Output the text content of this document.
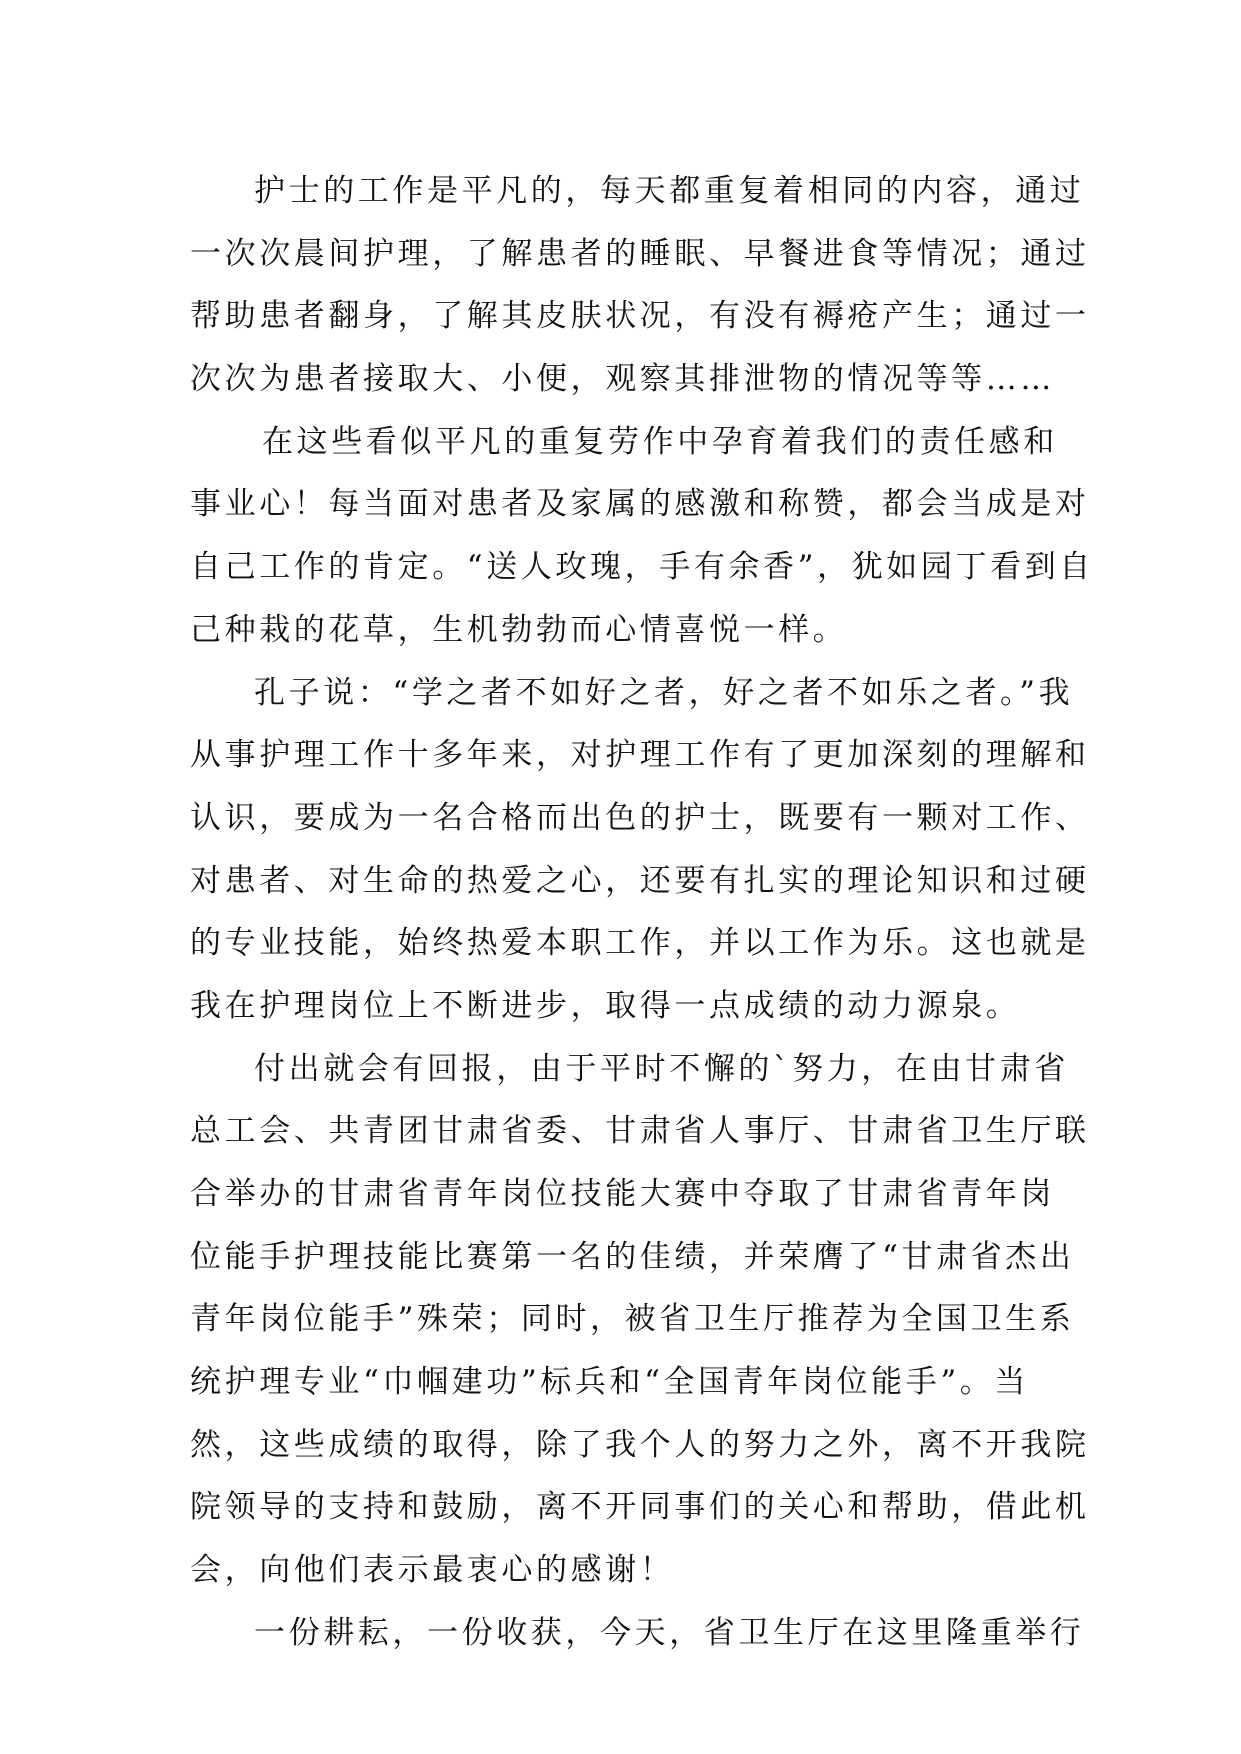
护士的工作是平凡的，每天都重复着相同的内容，通过
一次次晨间护理，了解患者的睡眠、早餐进食等情况；通过
帮助患者翻身，了解其皮肤状况，有没有褥疮产生；通过一
次次为患者接取大、小便，观察其排泄物的情况等等……
在这些看似平凡的重复劳作中孕育着我们的责任感和
事业心！每当面对患者及家属的感激和称赞，都会当成是对
自己工作的肯定。“送人玫瑰，手有余香”，犹如园丁看到自
己种栽的花草，生机勃勃而心情喜悦一样。
孔子说：“学之者不如好之者，好之者不如乐之者。”我
从事护理工作十多年来，对护理工作有了更加深刻的理解和
认识，要成为一名合格而出色的护士，既要有一颗对工作、
对患者、对生命的热爱之心，还要有扎实的理论知识和过硬
的专业技能，始终热爱本职工作，并以工作为乐。这也就是
我在护理岗位上不断进步，取得一点成绩的动力源泉。
付出就会有回报，由于平时不懈的`努力，在由甘肃省
总工会、共青团甘肃省委、甘肃省人事厅、甘肃省卫生厅联
合举办的甘肃省青年岗位技能大赛中夺取了甘肃省青年岗
位能手护理技能比赛第一名的佳绩，并荣膺了“甘肃省杰出
青年岗位能手”殊荣；同时，被省卫生厅推荐为全国卫生系
统护理专业“巾帼建功”标兵和“全国青年岗位能手”。当
然，这些成绩的取得，除了我个人的努力之外，离不开我院
院领导的支持和鼓励，离不开同事们的关心和帮助，借此机
会，向他们表示最衷心的感谢！
一份耕耘，一份收获，今天，省卫生厅在这里隆重举行
